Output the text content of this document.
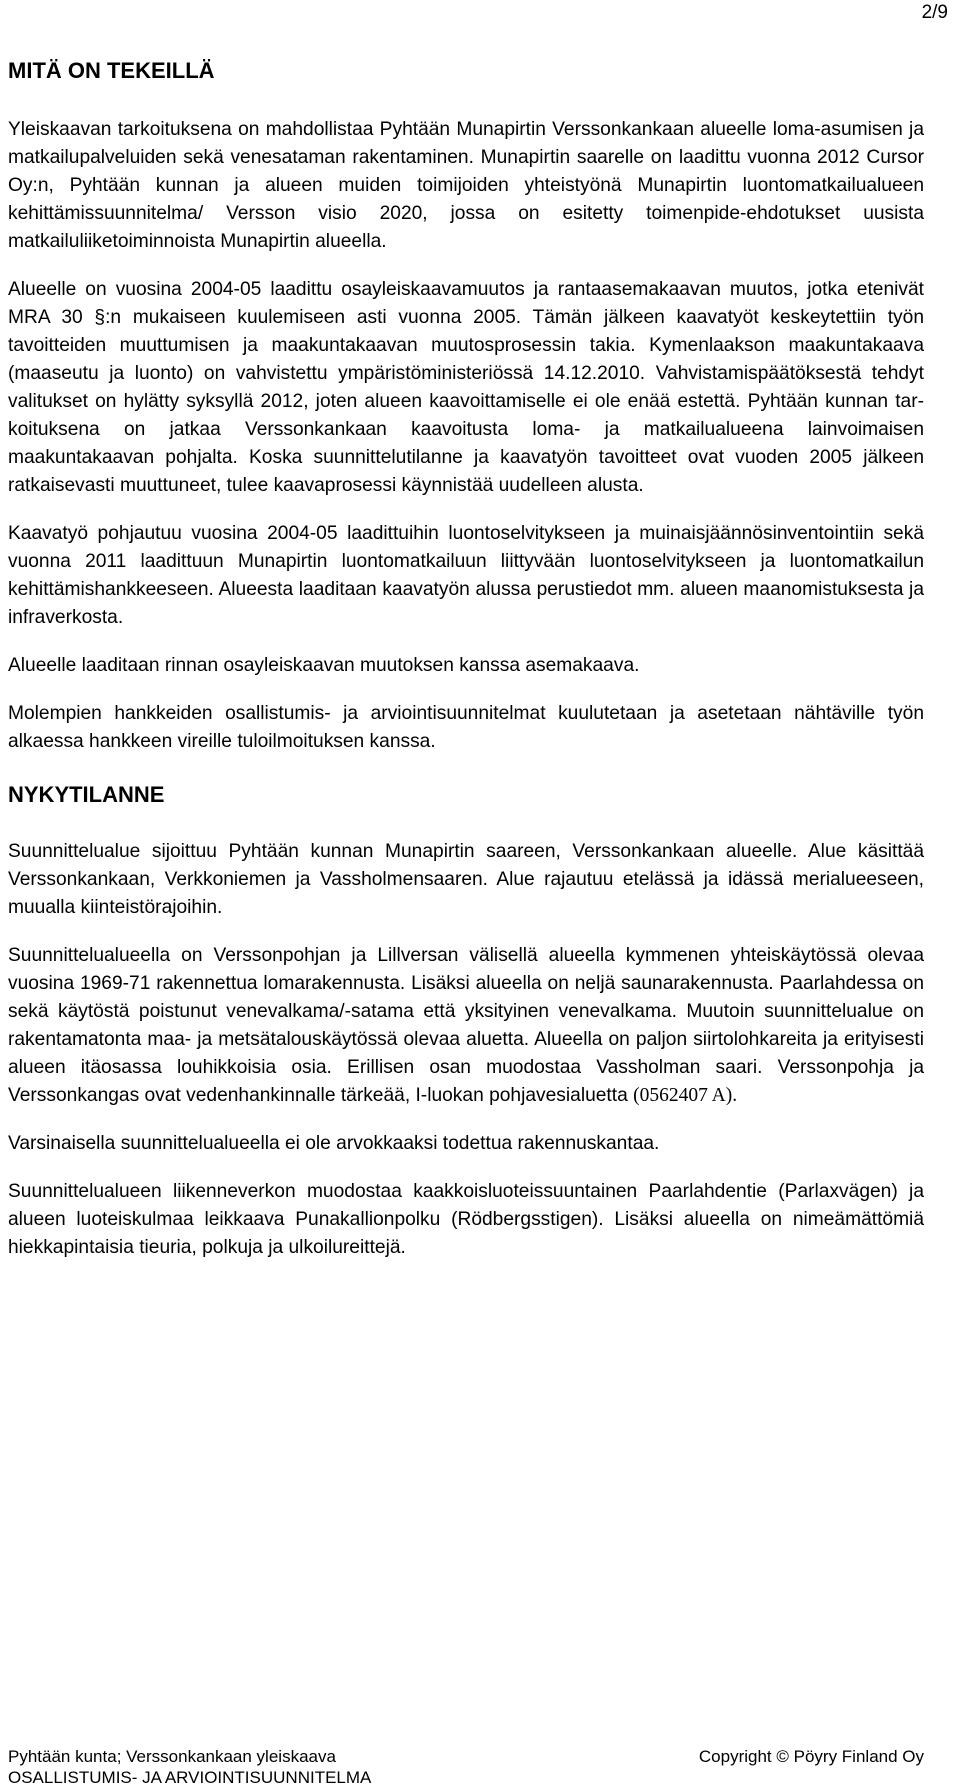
2/9
MITÄ ON TEKEILLÄ

Yleiskaavan tarkoituksena on mahdollistaa Pyhtään Munapirtin Verssonkankaan alueelle loma-asumisen ja matkailupalveluiden sekä venesataman rakentaminen. Munapirtin saarelle on laadittu vuonna 2012 Cursor Oy:n, Pyhtään kunnan ja alueen muiden toimijoiden yhteistyönä Munapirtin luontomatkailualueen kehittämissuunnitelma/ Versson visio 2020, jossa on esitetty toimenpide-ehdotukset uusista matkailuliiketoiminnoista Munapirtin alueella.

Alueelle on vuosina 2004-05 laadittu osayleiskaavamuutos ja rantaasemakaavan muutos, jotka etenivät MRA 30 §:n mukaiseen kuulemiseen asti vuonna 2005. Tämän jälkeen kaavatyöt keskeytettiin työn tavoitteiden muuttumisen ja maakuntakaavan muutosprosessin takia. Kymenlaakson maakuntakaava (maaseutu ja luonto) on vahvistettu ympäristöministeriössä 14.12.2010. Vahvistamispäätöksestä tehdyt valitukset on hylätty syksyllä 2012, joten alueen kaavoittamiselle ei ole enää estettä. Pyhtään kunnan tarkoituksena on jatkaa Verssonkankaan kaavoitusta loma- ja matkailualueena lainvoimaisen maakuntakaavan pohjalta. Koska suunnittelutilanne ja kaavatyön tavoitteet ovat vuoden 2005 jälkeen ratkaisevasti muuttuneet, tulee kaavaprosessi käynnistää uudelleen alusta.

Kaavatyö pohjautuu vuosina 2004-05 laadittuihin luontoselvitykseen ja muinaisjäännösinventointiin sekä vuonna 2011 laadittuun Munapirtin luontomatkailuun liittyvään luontoselvitykseen ja luontomatkailun kehittämishankkeeseen. Alueesta laaditaan kaavatyön alussa perustiedot mm. alueen maanomistuksesta ja infraverkosta.

Alueelle laaditaan rinnan osayleiskaavan muutoksen kanssa asemakaava.

Molempien hankkeiden osallistumis- ja arviointisuunnitelmat kuulutetaan ja asetetaan nähtäville työn alkaessa hankkeen vireille tuloilmoituksen kanssa.

NYKYTILANNE

Suunnittelualue sijoittuu Pyhtään kunnan Munapirtin saareen, Verssonkankaan alueelle. Alue käsittää Verssonkankaan, Verkkoniemen ja Vassholmensaaren. Alue rajautuu etelässä ja idässä merialueeseen, muualla kiinteistörajoihin.

Suunnittelualueella on Verssonpohjan ja Lillversan välisellä alueella kymmenen yhteiskäytössä olevaa vuosina 1969-71 rakennettua lomarakennusta. Lisäksi alueella on neljä saunarakennusta. Paarlahdessa on sekä käytöstä poistunut venevalkama/-satama että yksityinen venevalkama. Muutoin suunnittelualue on rakentamatonta maa- ja metsätalouskäytössä olevaa aluetta. Alueella on paljon siirtolohkareita ja erityisesti alueen itäosassa louhikkoisia osia. Erillisen osan muodostaa Vassholman saari. Verssonpohja ja Verssonkangas ovat vedenhankinnalle tärkeää, I-luokan pohjavesialuetta (0562407 A).

Varsinaisella suunnittelualueella ei ole arvokkaaksi todettua rakennuskantaa.

Suunnittelualueen liikenneverkon muodostaa kaakkoisluoteissuuntainen Paarlahdentie (Parlaxvägen) ja alueen luoteiskulmaa leikkaava Punakallionpolku (Rödbergsstigen). Lisäksi alueella on nimeämättömiä hiekkapintaisia tieuria, polkuja ja ulkoilureittejä.

Pyhtään kunta; Verssonkankaan yleiskaava	Copyright © Pöyry Finland Oy
OSALLISTUMIS- JA ARVIOINTISUUNNITELMA
